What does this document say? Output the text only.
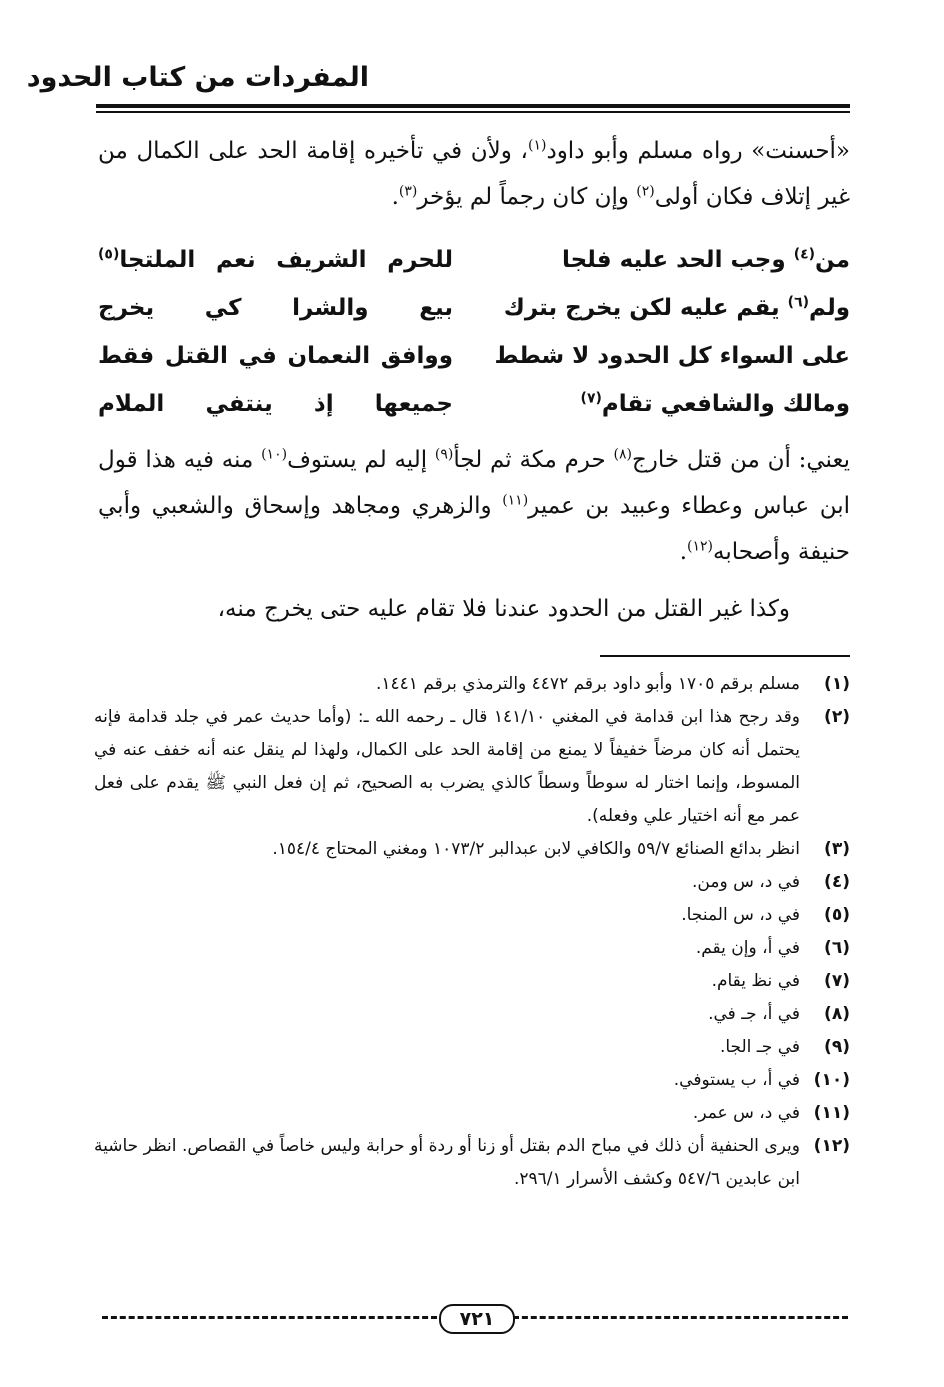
المفردات من كتاب الحدود

«أحسنت» رواه مسلم وأبو داود$^{(١)}$، ولأن في تأخيره إقامة الحد على الكمال من غير إتلاف فكان أولى$^{(٢)}$ وإن كان رجماً لم يؤخر$^{(٣)}$.

من$^{(٤)}$ وجب الحد عليه فلجا
للحرم الشريف نعم الملتجا$^{(٥)}$
ولم$^{(٦)}$ يقم عليه لكن يخرج بترك
بيع والشرا كي يخرج
على السواء كل الحدود لا شطط
ووافق النعمان في القتل فقط
ومالك والشافعي تقام$^{(٧)}$
جميعها إذ ينتفي الملام

يعني: أن من قتل خارج$^{(٨)}$ حرم مكة ثم لجأ$^{(٩)}$ إليه لم يستوف$^{(١٠)}$ منه فيه هذا قول ابن عباس وعطاء وعبيد بن عمير$^{(١١)}$ والزهري ومجاهد وإسحاق والشعبي وأبي حنيفة وأصحابه$^{(١٢)}$.

وكذا غير القتل من الحدود عندنا فلا تقام عليه حتى يخرج منه،

(١)
مسلم برقم ١٧٠٥ وأبو داود برقم ٤٤٧٢ والترمذي برقم ١٤٤١.
(٢)
وقد رجح هذا ابن قدامة في المغني ١٤١/١٠ قال ـ رحمه الله ـ: (وأما حديث عمر في جلد قدامة فإنه يحتمل أنه كان مرضاً خفيفاً لا يمنع من إقامة الحد على الكمال، ولهذا لم ينقل عنه أنه خفف عنه في المسوط، وإنما اختار له سوطاً وسطاً كالذي يضرب به الصحيح، ثم إن فعل النبي ﷺ يقدم على فعل عمر مع أنه اختيار علي وفعله).
(٣)
انظر بدائع الصنائع ٥٩/٧ والكافي لابن عبدالبر ١٠٧٣/٢ ومغني المحتاج ١٥٤/٤.
(٤)
في د، س ومن.
(٥)
في د، س المنجا.
(٦)
في أ، وإن يقم.
(٧)
في نظ يقام.
(٨)
في أ، جـ في.
(٩)
في جـ الجا.
(١٠)
في أ، ب يستوفي.
(١١)
في د، س عمر.
(١٢)
ويرى الحنفية أن ذلك في مباح الدم بقتل أو زنا أو ردة أو حرابة وليس خاصاً في القصاص. انظر حاشية ابن عابدين ٥٤٧/٦ وكشف الأسرار ٢٩٦/١.
٧٢١
